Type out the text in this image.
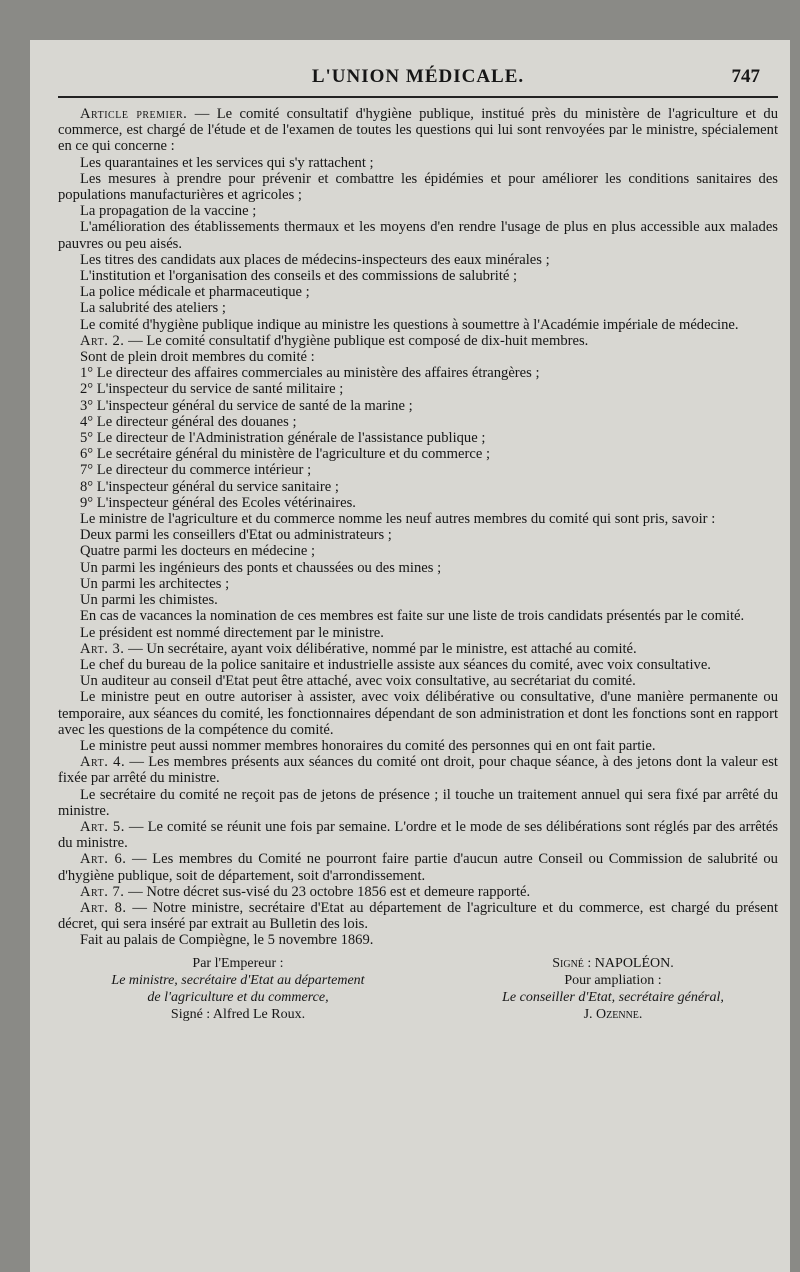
L'UNION MÉDICALE.	747

Article premier. — Le comité consultatif d'hygiène publique, institué près du ministère de l'agriculture et du commerce, est chargé de l'étude et de l'examen de toutes les questions qui lui sont renvoyées par le ministre, spécialement en ce qui concerne :

Les quarantaines et les services qui s'y rattachent ;

Les mesures à prendre pour prévenir et combattre les épidémies et pour améliorer les conditions sanitaires des populations manufacturières et agricoles ;

La propagation de la vaccine ;

L'amélioration des établissements thermaux et les moyens d'en rendre l'usage de plus en plus accessible aux malades pauvres ou peu aisés.

Les titres des candidats aux places de médecins-inspecteurs des eaux minérales ;

L'institution et l'organisation des conseils et des commissions de salubrité ;

La police médicale et pharmaceutique ;

La salubrité des ateliers ;

Le comité d'hygiène publique indique au ministre les questions à soumettre à l'Académie impériale de médecine.

Art. 2. — Le comité consultatif d'hygiène publique est composé de dix-huit membres.

Sont de plein droit membres du comité :

1° Le directeur des affaires commerciales au ministère des affaires étrangères ;

2° L'inspecteur du service de santé militaire ;

3° L'inspecteur général du service de santé de la marine ;

4° Le directeur général des douanes ;

5° Le directeur de l'Administration générale de l'assistance publique ;

6° Le secrétaire général du ministère de l'agriculture et du commerce ;

7° Le directeur du commerce intérieur ;

8° L'inspecteur général du service sanitaire ;

9° L'inspecteur général des Ecoles vétérinaires.

Le ministre de l'agriculture et du commerce nomme les neuf autres membres du comité qui sont pris, savoir :

Deux parmi les conseillers d'Etat ou administrateurs ;

Quatre parmi les docteurs en médecine ;

Un parmi les ingénieurs des ponts et chaussées ou des mines ;

Un parmi les architectes ;

Un parmi les chimistes.

En cas de vacances la nomination de ces membres est faite sur une liste de trois candidats présentés par le comité.

Le président est nommé directement par le ministre.

Art. 3. — Un secrétaire, ayant voix délibérative, nommé par le ministre, est attaché au comité.

Le chef du bureau de la police sanitaire et industrielle assiste aux séances du comité, avec voix consultative.

Un auditeur au conseil d'Etat peut être attaché, avec voix consultative, au secrétariat du comité.

Le ministre peut en outre autoriser à assister, avec voix délibérative ou consultative, d'une manière permanente ou temporaire, aux séances du comité, les fonctionnaires dépendant de son administration et dont les fonctions sont en rapport avec les questions de la compétence du comité.

Le ministre peut aussi nommer membres honoraires du comité des personnes qui en ont fait partie.

Art. 4. — Les membres présents aux séances du comité ont droit, pour chaque séance, à des jetons dont la valeur est fixée par arrêté du ministre.

Le secrétaire du comité ne reçoit pas de jetons de présence ; il touche un traitement annuel qui sera fixé par arrêté du ministre.

Art. 5. — Le comité se réunit une fois par semaine. L'ordre et le mode de ses délibérations sont réglés par des arrêtés du ministre.

Art. 6. — Les membres du Comité ne pourront faire partie d'aucun autre Conseil ou Commission de salubrité ou d'hygiène publique, soit de département, soit d'arrondissement.

Art. 7. — Notre décret sus-visé du 23 octobre 1856 est et demeure rapporté.

Art. 8. — Notre ministre, secrétaire d'Etat au département de l'agriculture et du commerce, est chargé du présent décret, qui sera inséré par extrait au Bulletin des lois.

Fait au palais de Compiègne, le 5 novembre 1869.

Par l'Empereur :	Signé : NAPOLÉON.
Le ministre, secrétaire d'Etat au département	Pour ampliation :
de l'agriculture et du commerce,	Le conseiller d'Etat, secrétaire général,
Signé : Alfred Le Roux.	J. Ozenne.
